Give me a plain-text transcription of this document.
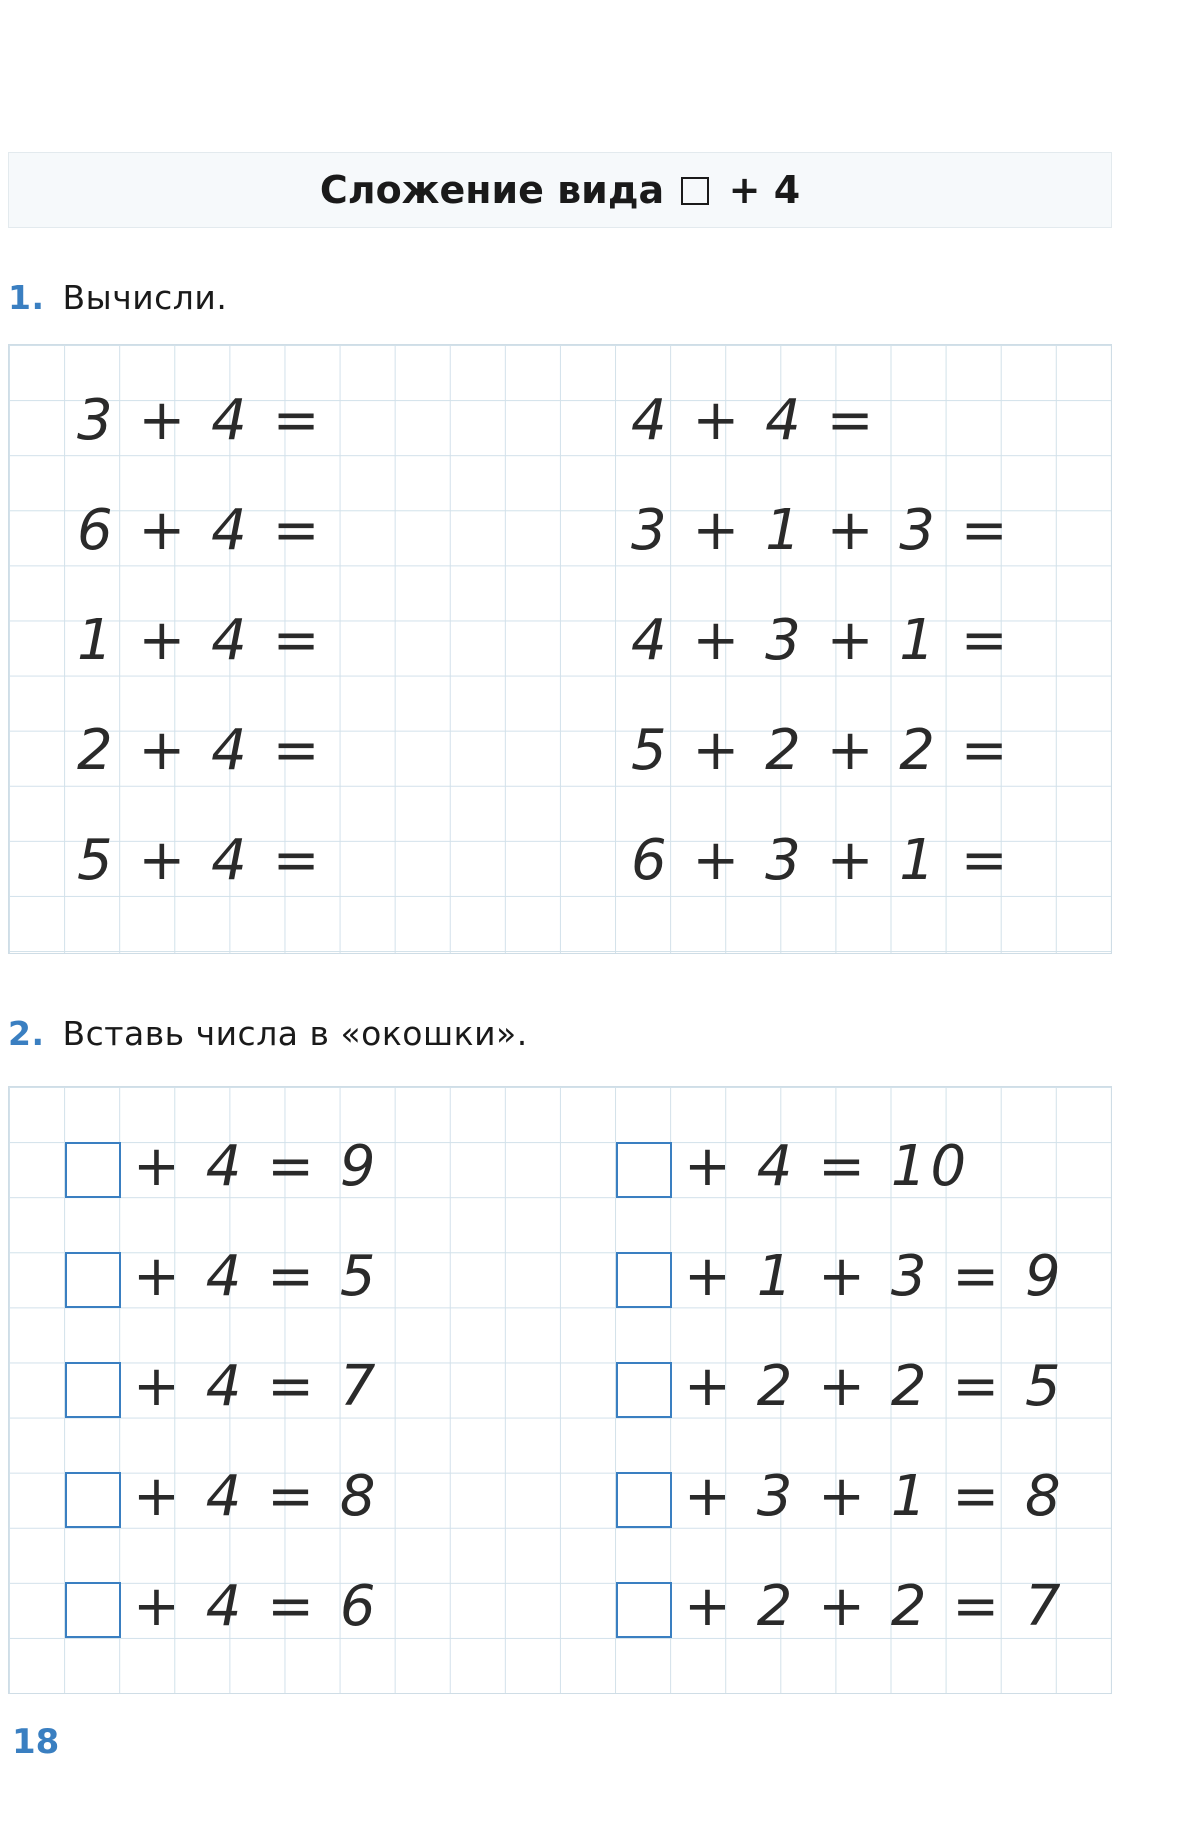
Сложение вида + 4
1. Вычисли.
3 + 4 =
6 + 4 =
1 + 4 =
2 + 4 =
5 + 4 =
4 + 4 =
3 + 1 + 3 =
4 + 3 + 1 =
5 + 2 + 2 =
6 + 3 + 1 =
2. Вставь числа в «окошки».
+ 4 = 9
+ 4 = 5
+ 4 = 7
+ 4 = 8
+ 4 = 6
+ 4 = 10
+ 1 + 3 = 9
+ 2 + 2 = 5
+ 3 + 1 = 8
+ 2 + 2 = 7
18
